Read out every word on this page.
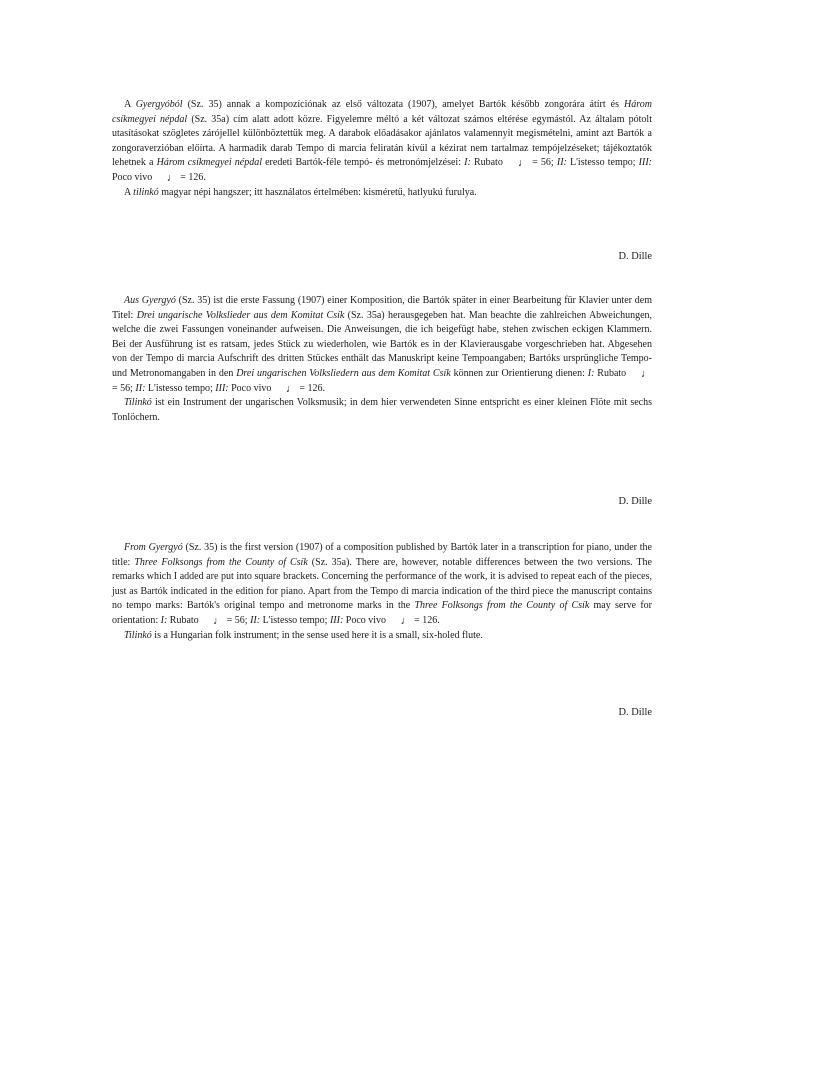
A Gyergyóból (Sz. 35) annak a kompozíciónak az első változata (1907), amelyet Bartók később zongorára átírt és Három csíkmegyei népdal (Sz. 35a) cím alatt adott közre. Figyelemre méltó a két változat számos eltérése egymástól. Az általam pótolt utasításokat szögletes zárójellel különböztettük meg. A darabok előadásakor ajánlatos valamennyit megismételni, amint azt Bartók a zongoraverzióban előírta. A harmadik darab Tempo di marcia feliratán kívül a kézirat nem tartalmaz tempójelzéseket; tájékoztatók lehetnek a Három csíkmegyei népdal eredeti Bartók-féle tempó- és metronómjelzései: I: Rubato ♩ = 56; II: L'istesso tempo; III: Poco vivo ♩ = 126.

A tilinkó magyar népi hangszer; itt használatos értelmében: kisméretű, hatlyukú furulya.

D. Dille

Aus Gyergyó (Sz. 35) ist die erste Fassung (1907) einer Komposition, die Bartók später in einer Bearbeitung für Klavier unter dem Titel: Drei ungarische Volkslieder aus dem Komitat Csík (Sz. 35a) herausgegeben hat. Man beachte die zahlreichen Abweichungen, welche die zwei Fassungen voneinander aufweisen. Die Anweisungen, die ich beigefügt habe, stehen zwischen eckigen Klammern. Bei der Ausführung ist es ratsam, jedes Stück zu wiederholen, wie Bartók es in der Klavierausgabe vorgeschrieben hat. Abgesehen von der Tempo di marcia Aufschrift des dritten Stückes enthält das Manuskript keine Tempoangaben; Bartóks ursprüngliche Tempo- und Metronomangaben in den Drei ungarischen Volksliedern aus dem Komitat Csík können zur Orientierung dienen: I: Rubato ♩ = 56; II: L'istesso tempo; III: Poco vivo ♩ = 126.

Tilinkó ist ein Instrument der ungarischen Volksmusik; in dem hier verwendeten Sinne entspricht es einer kleinen Flöte mit sechs Tonlöchern.

D. Dille

From Gyergyó (Sz. 35) is the first version (1907) of a composition published by Bartók later in a transcription for piano, under the title: Three Folksongs from the County of Csík (Sz. 35a). There are, however, notable differences between the two versions. The remarks which I added are put into square brackets. Concerning the performance of the work, it is advised to repeat each of the pieces, just as Bartók indicated in the edition for piano. Apart from the Tempo di marcia indication of the third piece the manuscript contains no tempo marks: Bartók's original tempo and metronome marks in the Three Folksongs from the County of Csík may serve for orientation: I: Rubato ♩ = 56; II: L'istesso tempo; III: Poco vivo ♩ = 126.

Tilinkó is a Hungarian folk instrument; in the sense used here it is a small, six-holed flute.

D. Dille
